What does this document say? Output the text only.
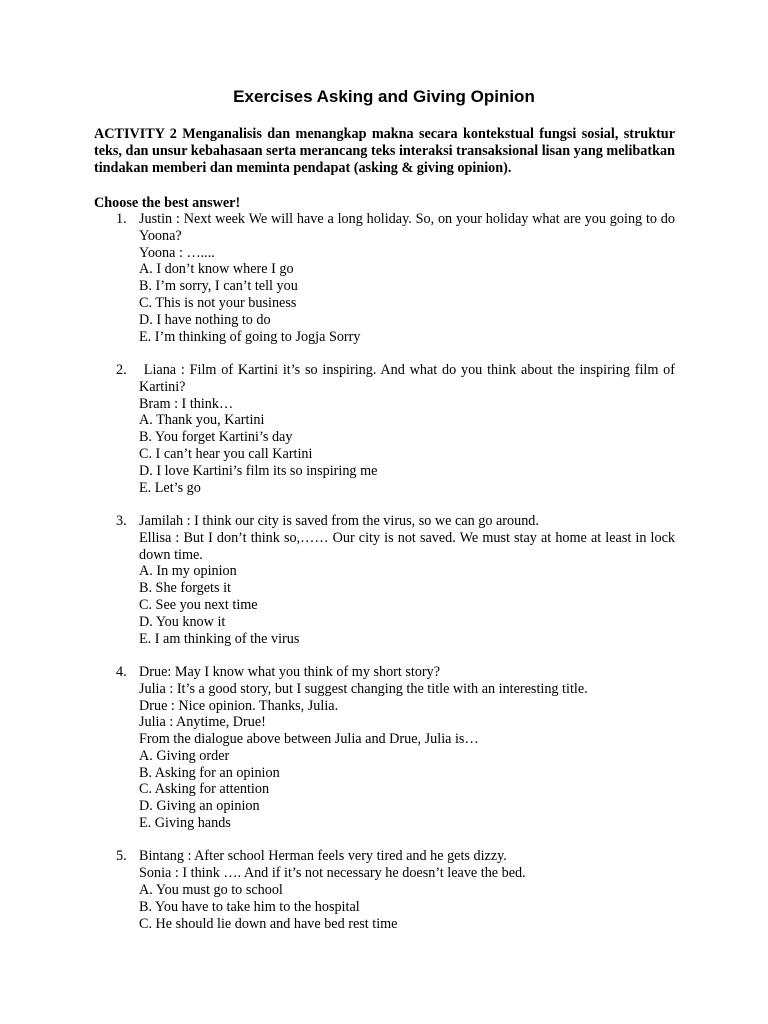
Exercises Asking and Giving Opinion
ACTIVITY 2 Menganalisis dan menangkap makna secara kontekstual fungsi sosial, struktur teks, dan unsur kebahasaan serta merancang teks interaksi transaksional lisan yang melibatkan tindakan memberi dan meminta pendapat (asking & giving opinion).
Choose the best answer!
1. Justin : Next week We will have a long holiday. So, on your holiday what are you going to do Yoona?
Yoona : …....
A. I don’t know where I go
B. I’m sorry, I can’t tell you
C. This is not your business
D. I have nothing to do
E. I’m thinking of going to Jogja Sorry
2. Liana : Film of Kartini it’s so inspiring. And what do you think about the inspiring film of Kartini?
Bram : I think…
A. Thank you, Kartini
B. You forget Kartini’s day
C. I can’t hear you call Kartini
D. I love Kartini’s film its so inspiring me
E. Let’s go
3. Jamilah : I think our city is saved from the virus, so we can go around.
Ellisa : But I don’t think so,…… Our city is not saved. We must stay at home at least in lock down time.
A. In my opinion
B. She forgets it
C. See you next time
D. You know it
E. I am thinking of the virus
4. Drue: May I know what you think of my short story?
Julia : It’s a good story, but I suggest changing the title with an interesting title.
Drue : Nice opinion. Thanks, Julia.
Julia : Anytime, Drue!
From the dialogue above between Julia and Drue, Julia is…
A. Giving order
B. Asking for an opinion
C. Asking for attention
D. Giving an opinion
E. Giving hands
5. Bintang : After school Herman feels very tired and he gets dizzy.
Sonia : I think …. And if it’s not necessary he doesn’t leave the bed.
A. You must go to school
B. You have to take him to the hospital
C. He should lie down and have bed rest time
